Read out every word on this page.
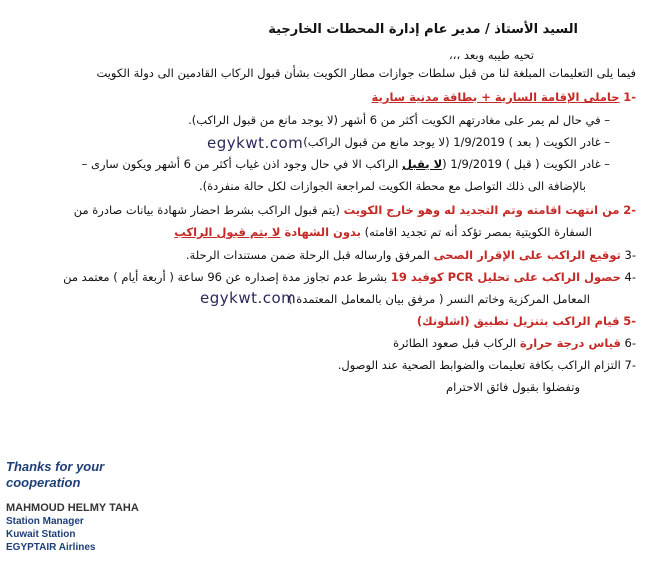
السيد الأستاذ / مدير عام إدارة المحطات الخارجية
تحيه طيبه وبعد ،،،
فيما يلى التعليمات المبلغة لنا من قبل سلطات جوازات مطار الكويت بشأن قبول الركاب القادمين الى دولة الكويت
-1 حاملى الإقامة السارية + بطاقة مدنية سارية
– في حال لم يمر على مغادرتهم الكويت أكثر من 6 أشهر (لا يوجد مانع من قبول الراكب).
– غادر الكويت ( بعد ) 1/9/2019 (لا يوجد مانع من قبول الراكب)
– غادر الكويت ( قبل ) 1/9/2019 (لا يقبل الراكب الا في حال وجود اذن غياب أكثر من 6 أشهر ويكون سارى –
بالإضافة الى ذلك التواصل مع محطة الكويت لمراجعة الجوازات لكل حالة منفردة).
-2 من انتهت اقامته وتم التجديد له وهو خارج الكويت (يتم قبول الراكب بشرط احضار شهادة بيانات صادرة من
السفارة الكويتية بمصر تؤكد أنه تم تجديد اقامته) بدون الشهادة لا يتم قبول الراكب
-3 توقيع الراكب على الإقرار الصحى المرفق وارساله قبل الرحلة ضمن مستندات الرحلة.
-4 حصول الراكب على تحليل PCR كوفيد 19 بشرط عدم تجاوز مدة إصداره عن 96 ساعة ( أربعة أيام ) معتمد من
المعامل المركزية وخاتم النسر ( مرفق بيان بالمعامل المعتمدة )
-5 قيام الراكب بتنزيل تطبيق (اشلونك)
-6 قياس درجة حرارة الركاب قبل صعود الطائرة
-7 التزام الراكب بكافة تعليمات والضوابط الصحية عند الوصول.
وتفضلوا بقبول فائق الاحترام
egykwt.com
egykwt.com
Thanks for your
cooperation
MAHMOUD HELMY TAHA
Station Manager
Kuwait Station
EGYPTAIR Airlines
